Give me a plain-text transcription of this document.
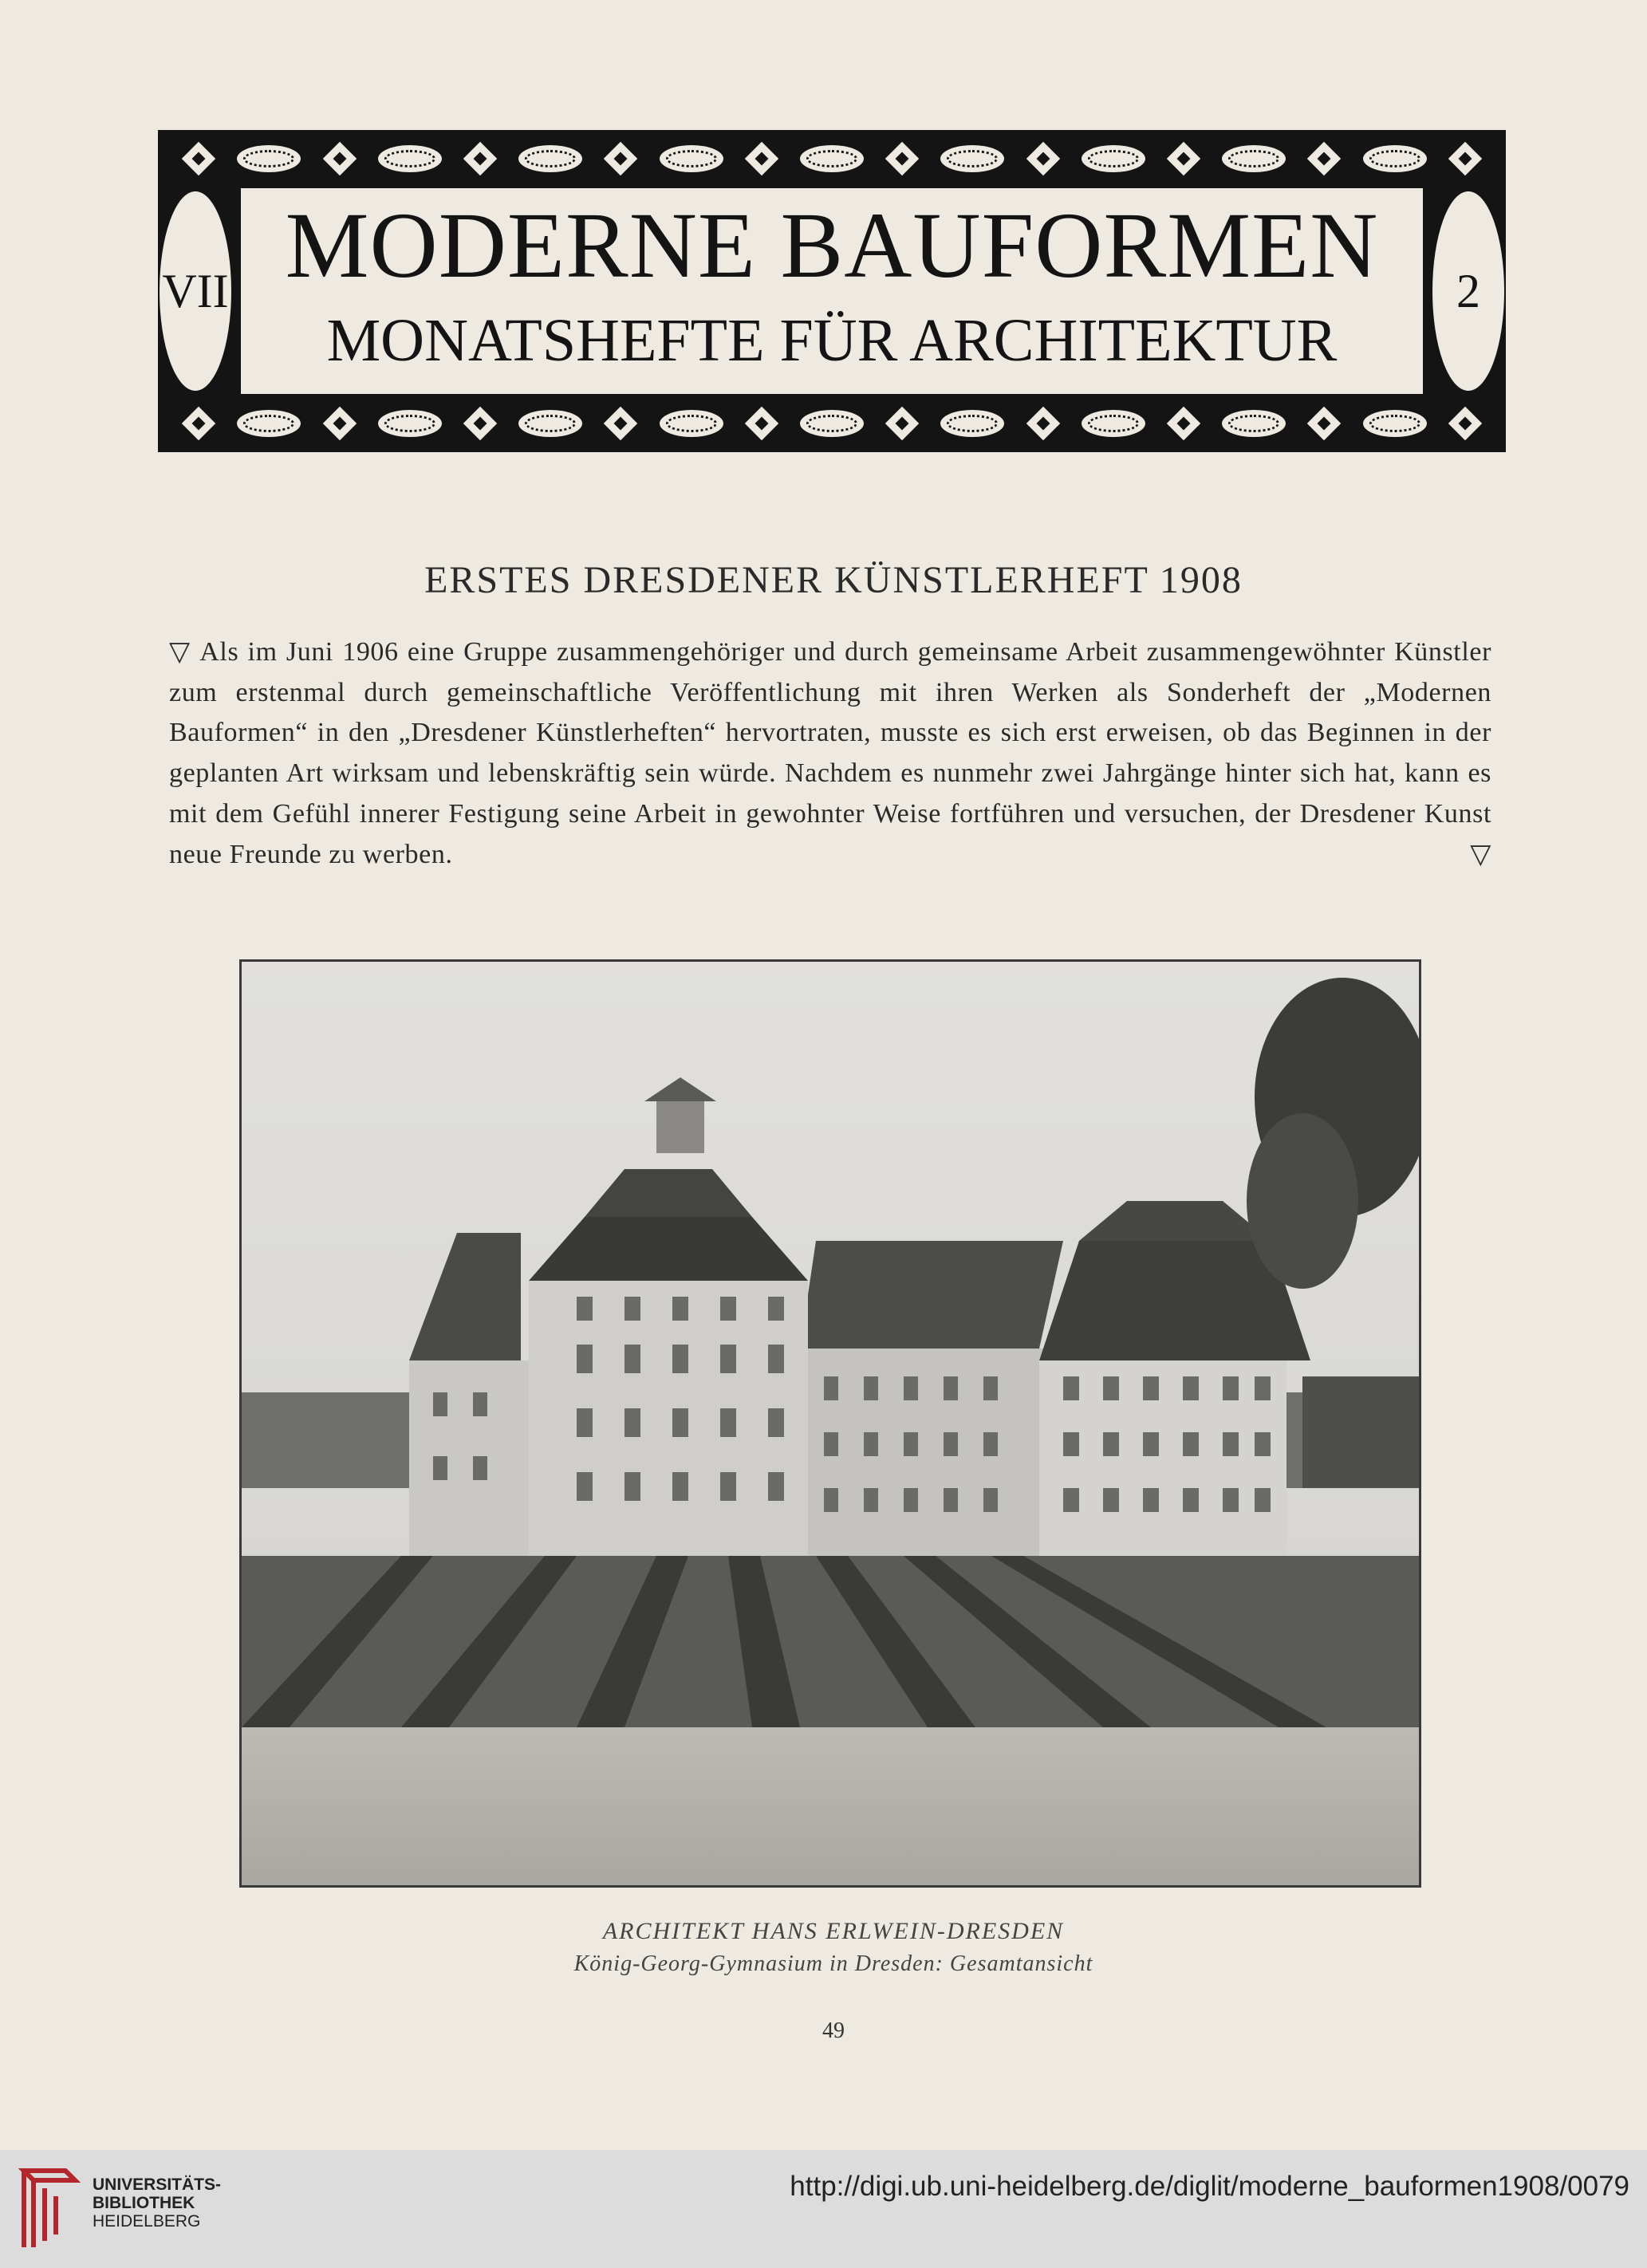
VII	2
MODERNE BAUFORMEN
MONATSHEFTE FÜR ARCHITEKTUR
ERSTES DRESDENER KÜNSTLERHEFT 1908
▽ Als im Juni 1906 eine Gruppe zusammengehöriger und durch gemeinsame Arbeit zusammengewöhnter Künstler zum erstenmal durch gemeinschaftliche Veröffentlichung mit ihren Werken als Sonderheft der „Modernen Bauformen“ in den „Dresdener Künstlerheften“ hervortraten, musste es sich erst erweisen, ob das Beginnen in der geplanten Art wirksam und lebenskräftig sein würde. Nachdem es nunmehr zwei Jahrgänge hinter sich hat, kann es mit dem Gefühl innerer Festigung seine Arbeit in gewohnter Weise fortführen und versuchen, der Dresdener Kunst neue Freunde zu werben.	▽
ARCHITEKT HANS ERLWEIN-DRESDEN
König-Georg-Gymnasium in Dresden: Gesamtansicht
49
UNIVERSITÄTS-
BIBLIOTHEK
HEIDELBERG
http://digi.ub.uni-heidelberg.de/diglit/moderne_bauformen1908/0079
